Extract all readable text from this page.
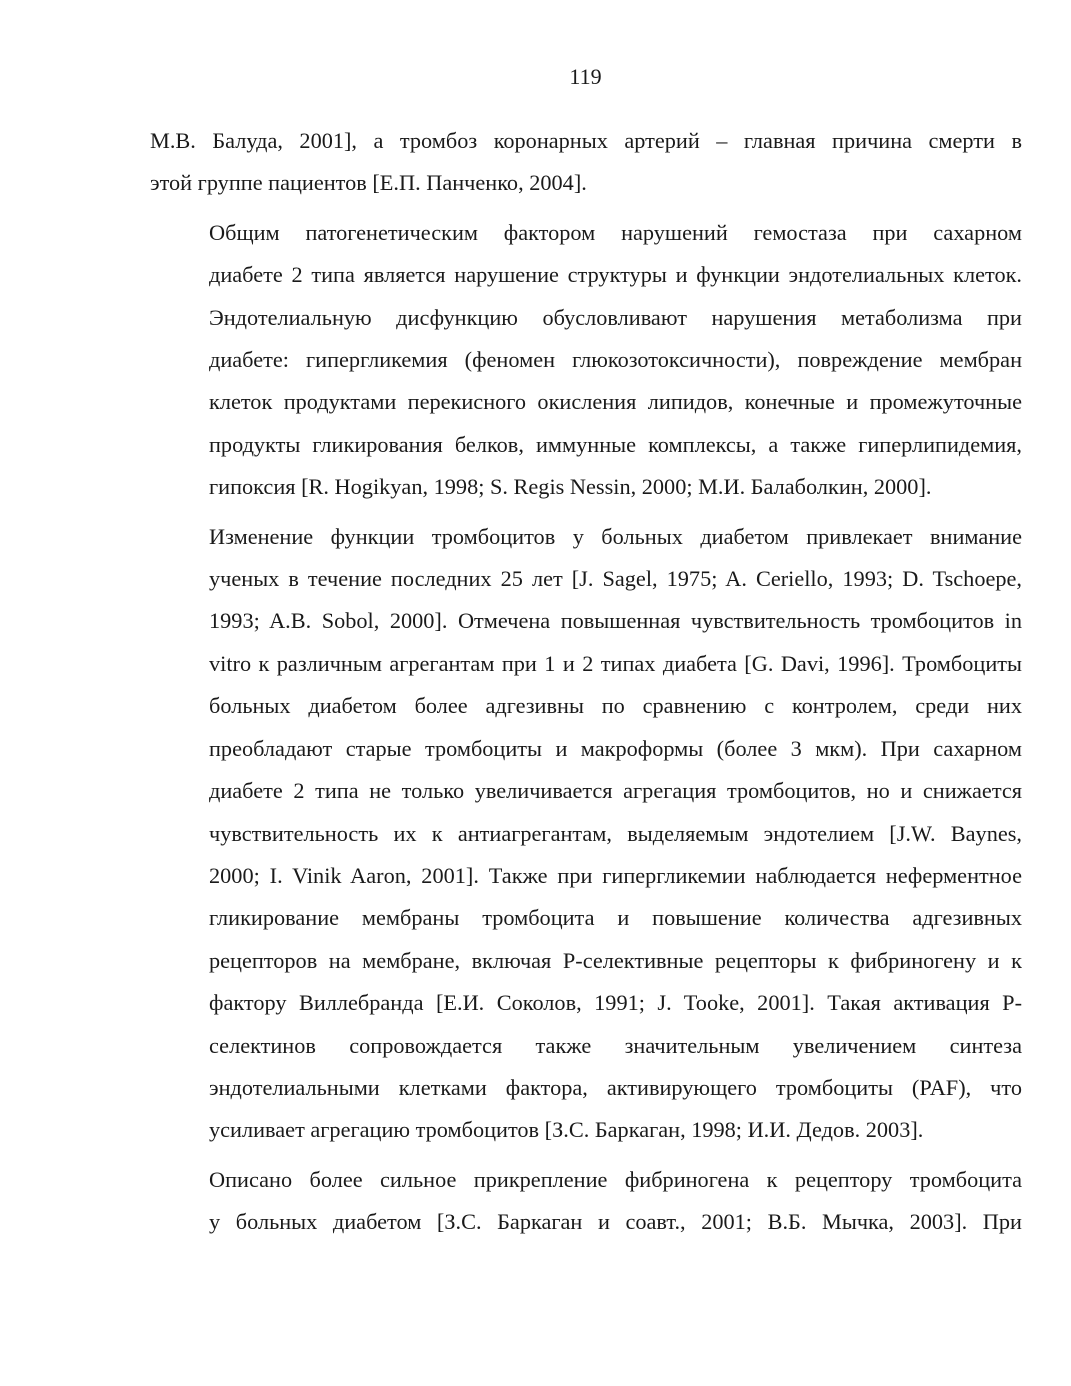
119

М.В. Балуда, 2001], а тромбоз коронарных артерий – главная причина смерти в
этой группе пациентов [Е.П. Панченко, 2004].

Общим патогенетическим фактором нарушений гемостаза при сахарном
диабете 2 типа является нарушение структуры и функции эндотелиальных клеток.
Эндотелиальную дисфункцию обусловливают нарушения метаболизма при
диабете: гипергликемия (феномен глюкозотоксичности), повреждение мембран
клеток продуктами перекисного окисления липидов, конечные и промежуточные
продукты гликирования белков, иммунные комплексы, а также гиперлипидемия,
гипоксия [R. Hogikyan, 1998; S. Regis Nessin, 2000; М.И. Балаболкин, 2000].

Изменение функции тромбоцитов у больных диабетом привлекает внимание
ученых в течение последних 25 лет [J. Sagel, 1975; A. Ceriello, 1993; D. Tschoepe,
1993; A.B. Sobol, 2000]. Отмечена повышенная чувствительность тромбоцитов in
vitro к различным агрегантам при 1 и 2 типах диабета [G. Davi, 1996]. Тромбоциты
больных диабетом более адгезивны по сравнению с контролем, среди них
преобладают старые тромбоциты и макроформы (более 3 мкм). При сахарном
диабете 2 типа не только увеличивается агрегация тромбоцитов, но и снижается
чувствительность их к антиагрегантам, выделяемым эндотелием [J.W. Baynes,
2000; I. Vinik Aaron, 2001]. Также при гипергликемии наблюдается неферментное
гликирование мембраны тромбоцита и повышение количества адгезивных
рецепторов на мембране, включая Р-селективные рецепторы к фибриногену и к
фактору Виллебранда [Е.И. Соколов, 1991; J. Tooke, 2001]. Такая активация Р-
селектинов сопровождается также значительным увеличением синтеза
эндотелиальными клетками фактора, активирующего тромбоциты (PAF), что
усиливает агрегацию тромбоцитов [З.С. Баркаган, 1998; И.И. Дедов. 2003].

Описано более сильное прикрепление фибриногена к рецептору тромбоцита
у больных диабетом [З.С. Баркаган и соавт., 2001; В.Б. Мычка, 2003]. При
